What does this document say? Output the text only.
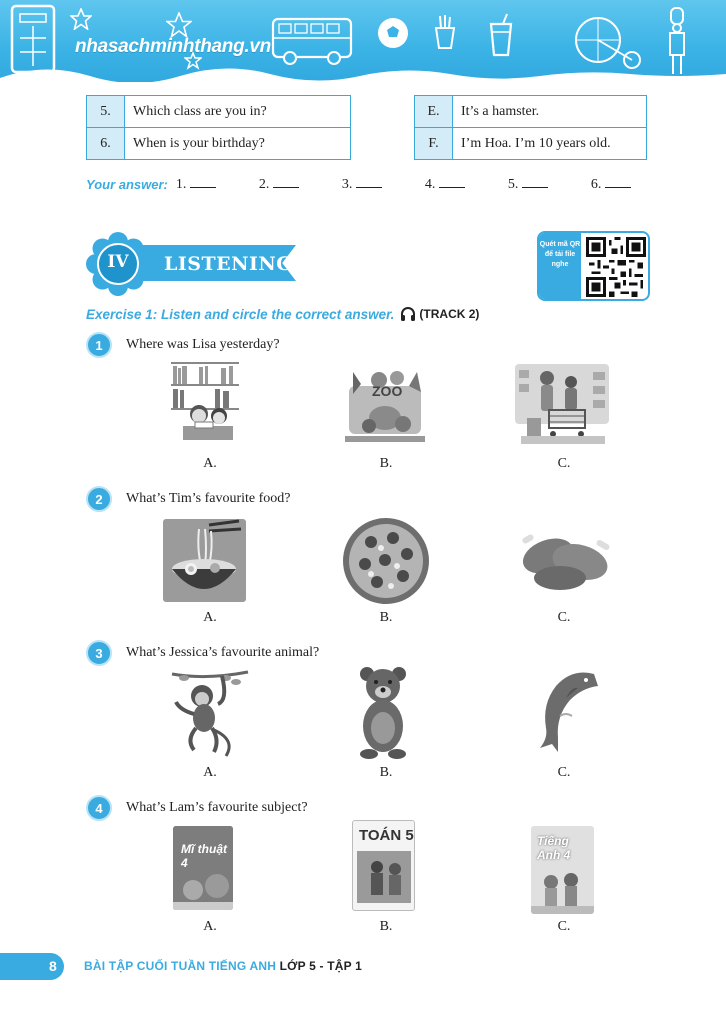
nhasachminhthang.vn
5.	Which class are you in?
6.	When is your birthday?
E.	It’s a hamster.
F.	I’m Hoa. I’m 10 years old.
Your answer: 1.	2.	3.	4.	5.	6.
IV LISTENING
Quét mã QR để tải file nghe
Exercise 1: Listen and circle the correct answer. (TRACK 2)
1	Where was Lisa yesterday?
A.
ZOO
B.	C.
2	What’s Tim’s favourite food?
A.	B.	C.
3	What’s Jessica’s favourite animal?
A.	B.	C.
4	What’s Lam’s favourite subject?
Mĩ thuật 4
A.
TOÁN 5
B.
Tiếng Anh 4
C.
8	BÀI TẬP CUỐI TUẦN TIẾNG ANH LỚP 5 - TẬP 1
